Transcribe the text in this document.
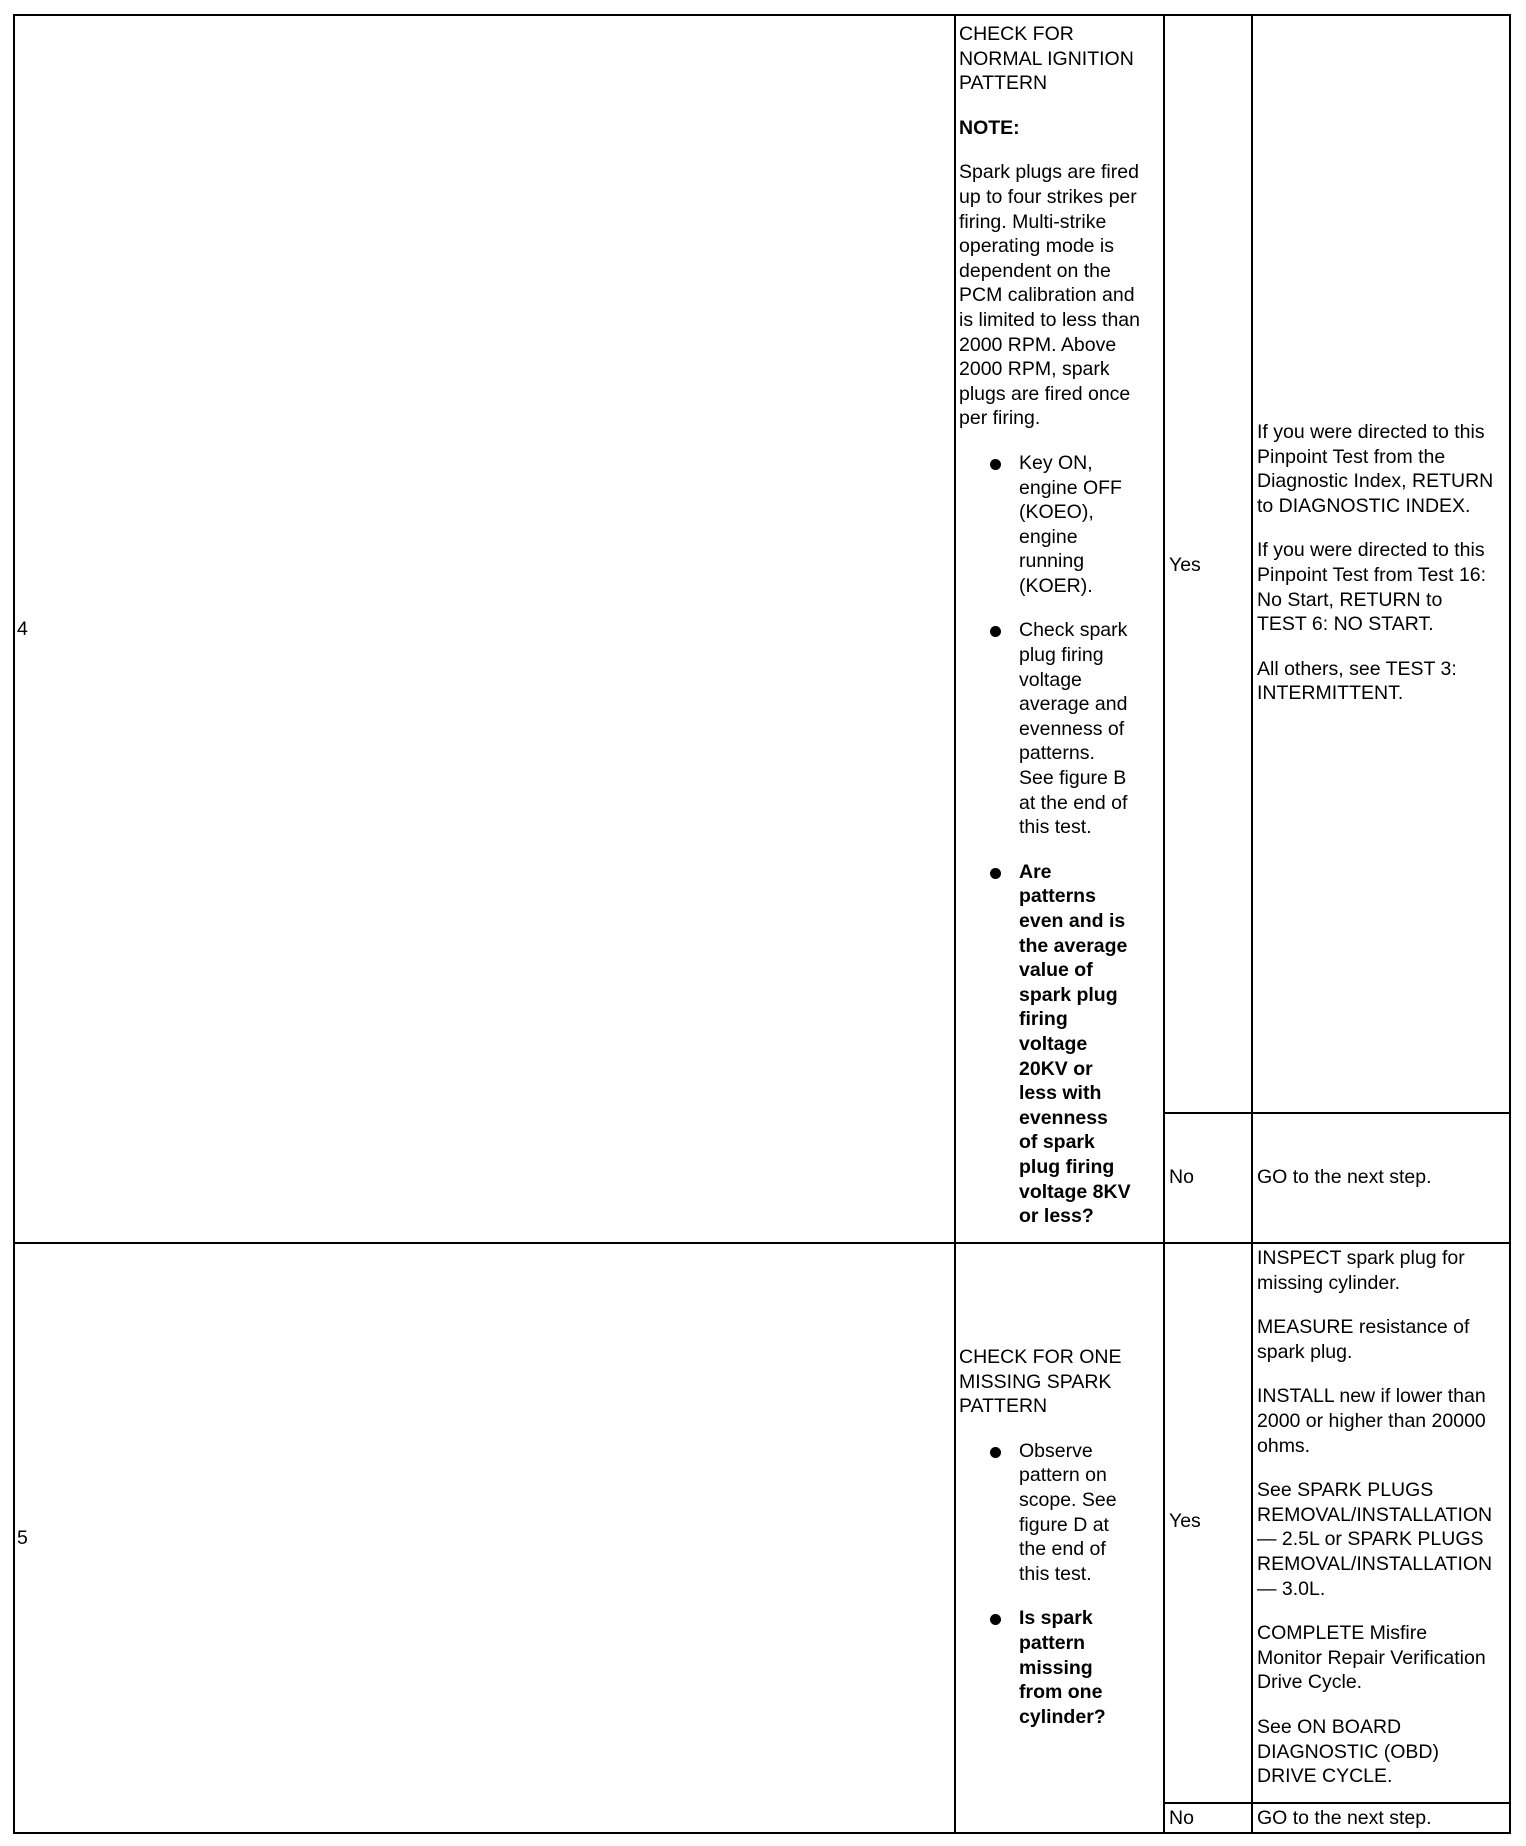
4

CHECK FOR
NORMAL IGNITION
PATTERN

NOTE:

Spark plugs are fired
up to four strikes per
firing. Multi-strike
operating mode is
dependent on the
PCM calibration and
is limited to less than
2000 RPM. Above
2000 RPM, spark
plugs are fired once
per firing.

Key ON,
engine OFF
(KOEO),
engine
running
(KOER).
Check spark
plug firing
voltage
average and
evenness of
patterns.
See figure B
at the end of
this test.
Are
patterns
even and is
the average
value of
spark plug
firing
voltage
20KV or
less with
evenness
of spark
plug firing
voltage 8KV
or less?
Yes

If you were directed to this
Pinpoint Test from the
Diagnostic Index, RETURN
to DIAGNOSTIC INDEX.

If you were directed to this
Pinpoint Test from Test 16:
No Start, RETURN to
TEST 6: NO START.

All others, see TEST 3:
INTERMITTENT.

No	GO to the next step.
5

CHECK FOR ONE
MISSING SPARK
PATTERN

Observe
pattern on
scope. See
figure D at
the end of
this test.
Is spark
pattern
missing
from one
cylinder?
Yes

INSPECT spark plug for
missing cylinder.

MEASURE resistance of
spark plug.

INSTALL new if lower than
2000 or higher than 20000
ohms.

See SPARK PLUGS
REMOVAL/INSTALLATION
— 2.5L or SPARK PLUGS
REMOVAL/INSTALLATION
— 3.0L.

COMPLETE Misfire
Monitor Repair Verification
Drive Cycle.

See ON BOARD
DIAGNOSTIC (OBD)
DRIVE CYCLE.

No	GO to the next step.
